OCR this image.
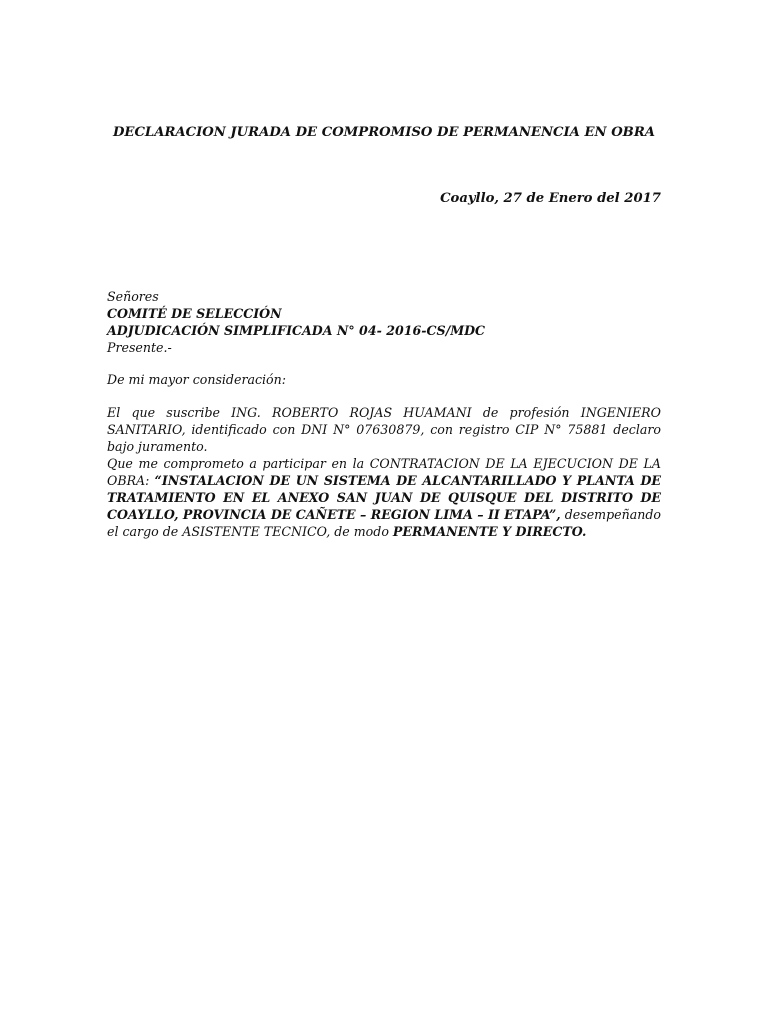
DECLARACION JURADA DE COMPROMISO DE PERMANENCIA EN OBRA
Coayllo, 27 de Enero del 2017
Señores
COMITÉ DE SELECCIÓN
ADJUDICACIÓN SIMPLIFICADA N° 04- 2016-CS/MDC
Presente.-
De mi mayor consideración:
El que suscribe ING. ROBERTO ROJAS HUAMANI de profesión INGENIERO SANITARIO, identificado con DNI N° 07630879, con registro CIP N° 75881 declaro bajo juramento.
Que me comprometo a participar en la CONTRATACION DE LA EJECUCION DE LA OBRA: “INSTALACION DE UN SISTEMA DE ALCANTARILLADO Y PLANTA DE TRATAMIENTO EN EL ANEXO SAN JUAN DE QUISQUE DEL DISTRITO DE COAYLLO, PROVINCIA DE CAÑETE – REGION LIMA – II ETAPA”, desempeñando el cargo de ASISTENTE TECNICO, de modo PERMANENTE Y DIRECTO.
